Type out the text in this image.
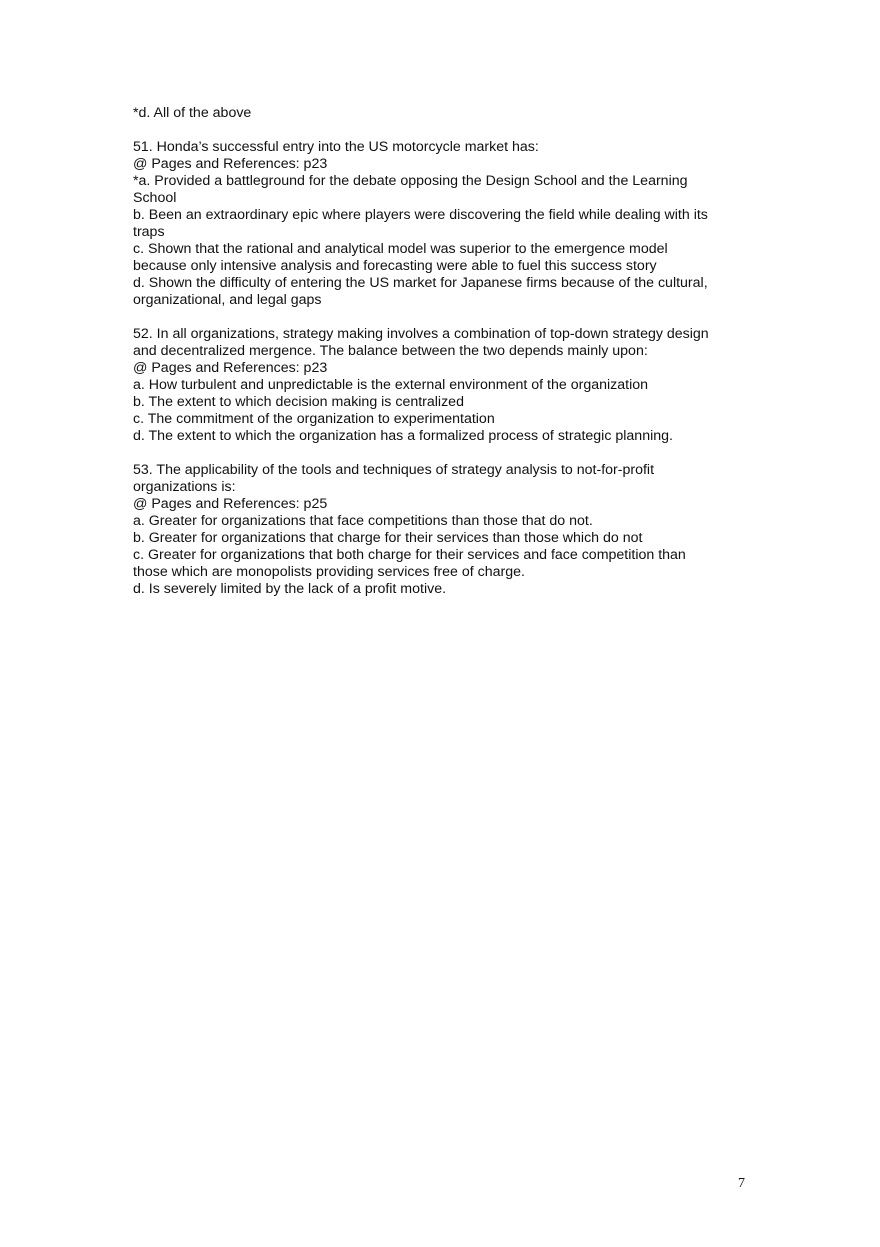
*d. All of the above
51. Honda’s successful entry into the US motorcycle market has:
@ Pages and References: p23
*a. Provided a battleground for the debate opposing the Design School and the Learning
School
b. Been an extraordinary epic where players were discovering the field while dealing with its
traps
c. Shown that the rational and analytical model was superior to the emergence model
because only intensive analysis and forecasting were able to fuel this success story
d. Shown the difficulty of entering the US market for Japanese firms because of the cultural,
organizational, and legal gaps
52. In all organizations, strategy making involves a combination of top-down strategy design
and decentralized mergence. The balance between the two depends mainly upon:
@ Pages and References: p23
a. How turbulent and unpredictable is the external environment of the organization
b. The extent to which decision making is centralized
c. The commitment of the organization to experimentation
d. The extent to which the organization has a formalized process of strategic planning.
53. The applicability of the tools and techniques of strategy analysis to not-for-profit
organizations is:
@ Pages and References: p25
a. Greater for organizations that face competitions than those that do not.
b. Greater for organizations that charge for their services than those which do not
c. Greater for organizations that both charge for their services and face competition than
those which are monopolists providing services free of charge.
d. Is severely limited by the lack of a profit motive.
7
